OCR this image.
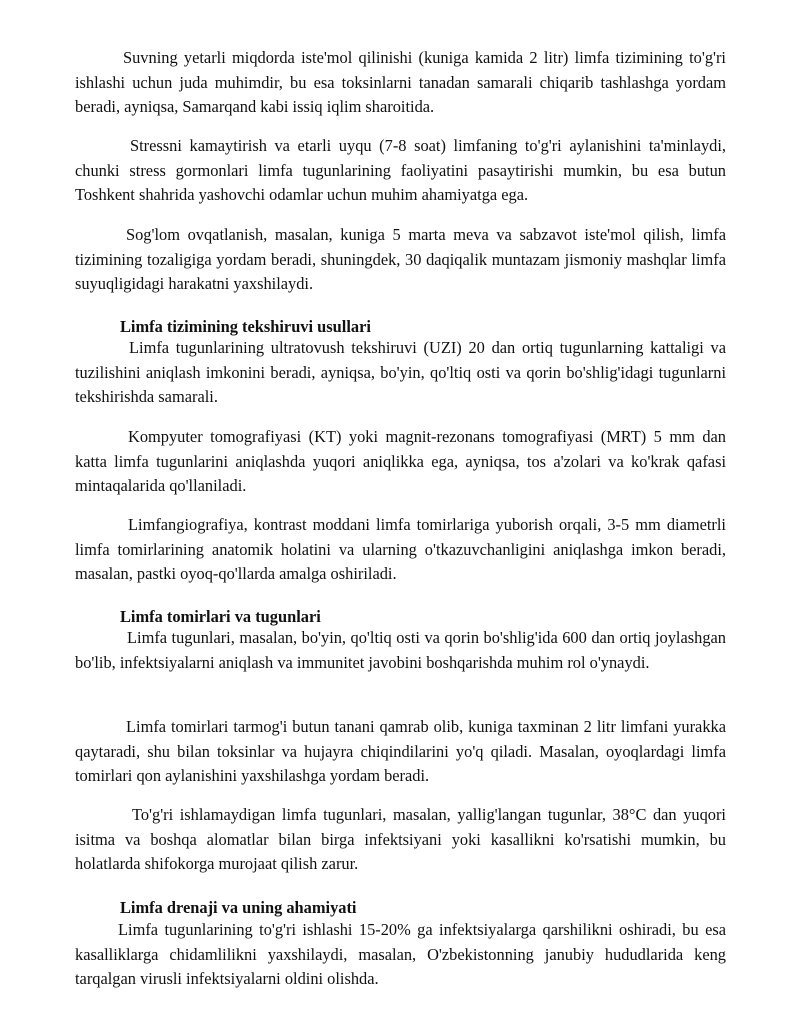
Suvning yetarli miqdorda iste'mol qilinishi (kuniga kamida 2 litr) limfa tizimining to'g'ri ishlashi uchun juda muhimdir, bu esa toksinlarni tanadan samarali chiqarib tashlashga yordam beradi, ayniqsa, Samarqand kabi issiq iqlim sharoitida.

Stressni kamaytirish va etarli uyqu (7-8 soat) limfaning to'g'ri aylanishini ta'minlaydi, chunki stress gormonlari limfa tugunlarining faoliyatini pasaytirishi mumkin, bu esa butun Toshkent shahrida yashovchi odamlar uchun muhim ahamiyatga ega.

Sog'lom ovqatlanish, masalan, kuniga 5 marta meva va sabzavot iste'mol qilish, limfa tizimining tozaligiga yordam beradi, shuningdek, 30 daqiqalik muntazam jismoniy mashqlar limfa suyuqligidagi harakatni yaxshilaydi.

Limfa tizimining tekshiruvi usullari

Limfa tugunlarining ultratovush tekshiruvi (UZI) 20 dan ortiq tugunlarning kattaligi va tuzilishini aniqlash imkonini beradi, ayniqsa, bo'yin, qo'ltiq osti va qorin bo'shlig'idagi tugunlarni tekshirishda samarali.

Kompyuter tomografiyasi (KT) yoki magnit-rezonans tomografiyasi (MRT) 5 mm dan katta limfa tugunlarini aniqlashda yuqori aniqlikka ega, ayniqsa, tos a'zolari va ko'krak qafasi mintaqalarida qo'llaniladi.

Limfangiografiya, kontrast moddani limfa tomirlariga yuborish orqali, 3-5 mm diametrli limfa tomirlarining anatomik holatini va ularning o'tkazuvchanligini aniqlashga imkon beradi, masalan, pastki oyoq-qo'llarda amalga oshiriladi.

Limfa tomirlari va tugunlari

Limfa tugunlari, masalan, bo'yin, qo'ltiq osti va qorin bo'shlig'ida 600 dan ortiq joylashgan bo'lib, infektsiyalarni aniqlash va immunitet javobini boshqarishda muhim rol o'ynaydi.

Limfa tomirlari tarmog'i butun tanani qamrab olib, kuniga taxminan 2 litr limfani yurakka qaytaradi, shu bilan toksinlar va hujayra chiqindilarini yo'q qiladi. Masalan, oyoqlardagi limfa tomirlari qon aylanishini yaxshilashga yordam beradi.

To'g'ri ishlamaydigan limfa tugunlari, masalan, yallig'langan tugunlar, 38°C dan yuqori isitma va boshqa alomatlar bilan birga infektsiyani yoki kasallikni ko'rsatishi mumkin, bu holatlarda shifokorga murojaat qilish zarur.

Limfa drenaji va uning ahamiyati

Limfa tugunlarining to'g'ri ishlashi 15-20% ga infektsiyalarga qarshilikni oshiradi, bu esa kasalliklarga chidamlilikni yaxshilaydi, masalan, O'zbekistonning janubiy hududlarida keng tarqalgan virusli infektsiyalarni oldini olishda.
